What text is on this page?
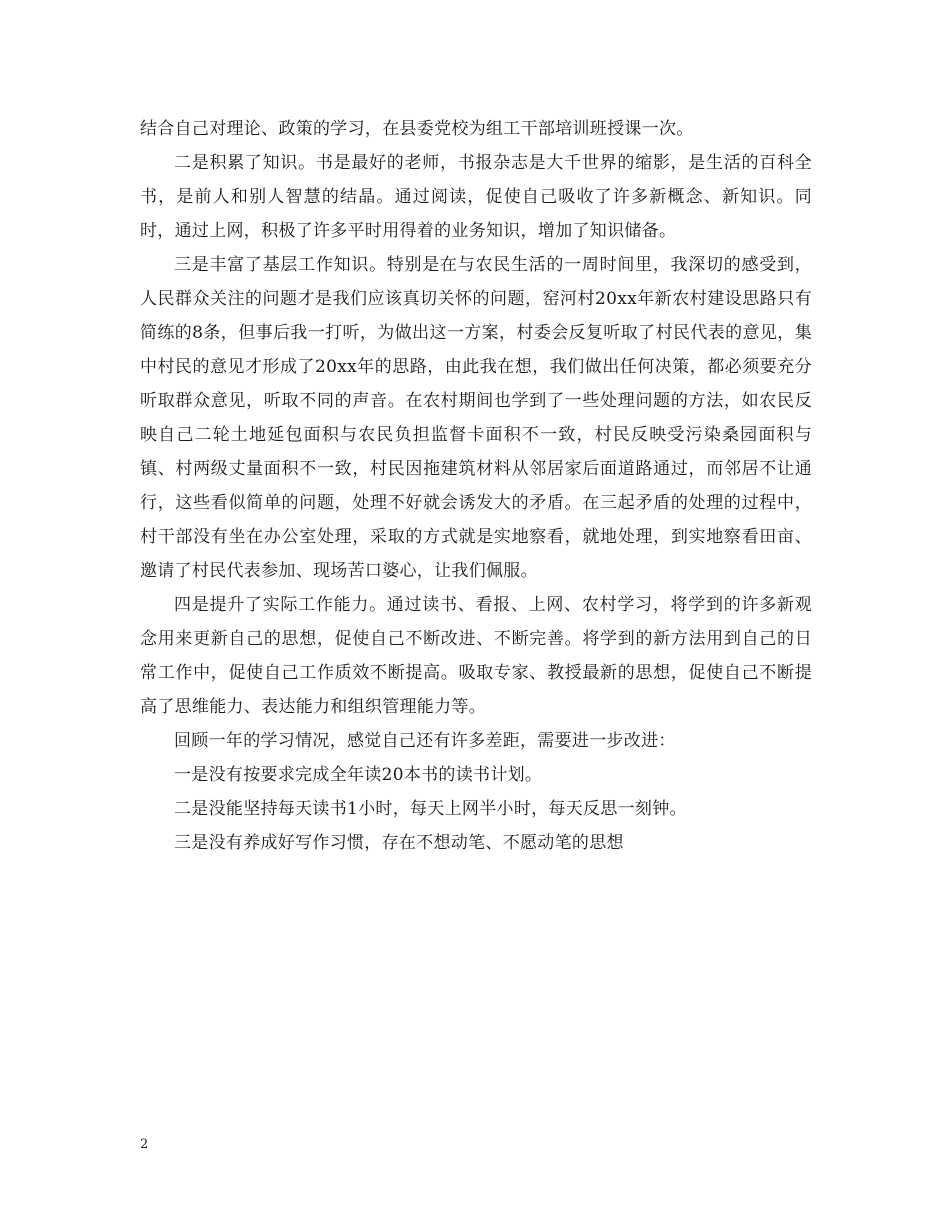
结合自己对理论、政策的学习，在县委党校为组工干部培训班授课一次。

二是积累了知识。书是最好的老师，书报杂志是大千世界的缩影，是生活的百科全书，是前人和别人智慧的结晶。通过阅读，促使自己吸收了许多新概念、新知识。同时，通过上网，积极了许多平时用得着的业务知识，增加了知识储备。

三是丰富了基层工作知识。特别是在与农民生活的一周时间里，我深切的感受到，人民群众关注的问题才是我们应该真切关怀的问题，窑河村20xx年新农村建设思路只有简练的8条，但事后我一打听，为做出这一方案，村委会反复听取了村民代表的意见，集中村民的意见才形成了20xx年的思路，由此我在想，我们做出任何决策，都必须要充分听取群众意见，听取不同的声音。在农村期间也学到了一些处理问题的方法，如农民反映自己二轮土地延包面积与农民负担监督卡面积不一致，村民反映受污染桑园面积与镇、村两级丈量面积不一致，村民因拖建筑材料从邻居家后面道路通过，而邻居不让通行，这些看似简单的问题，处理不好就会诱发大的矛盾。在三起矛盾的处理的过程中，村干部没有坐在办公室处理，采取的方式就是实地察看，就地处理，到实地察看田亩、邀请了村民代表参加、现场苦口婆心，让我们佩服。

四是提升了实际工作能力。通过读书、看报、上网、农村学习，将学到的许多新观念用来更新自己的思想，促使自己不断改进、不断完善。将学到的新方法用到自己的日常工作中，促使自己工作质效不断提高。吸取专家、教授最新的思想，促使自己不断提高了思维能力、表达能力和组织管理能力等。

回顾一年的学习情况，感觉自己还有许多差距，需要进一步改进：

一是没有按要求完成全年读20本书的读书计划。

二是没能坚持每天读书1小时，每天上网半小时，每天反思一刻钟。

三是没有养成好写作习惯，存在不想动笔、不愿动笔的思想

2
